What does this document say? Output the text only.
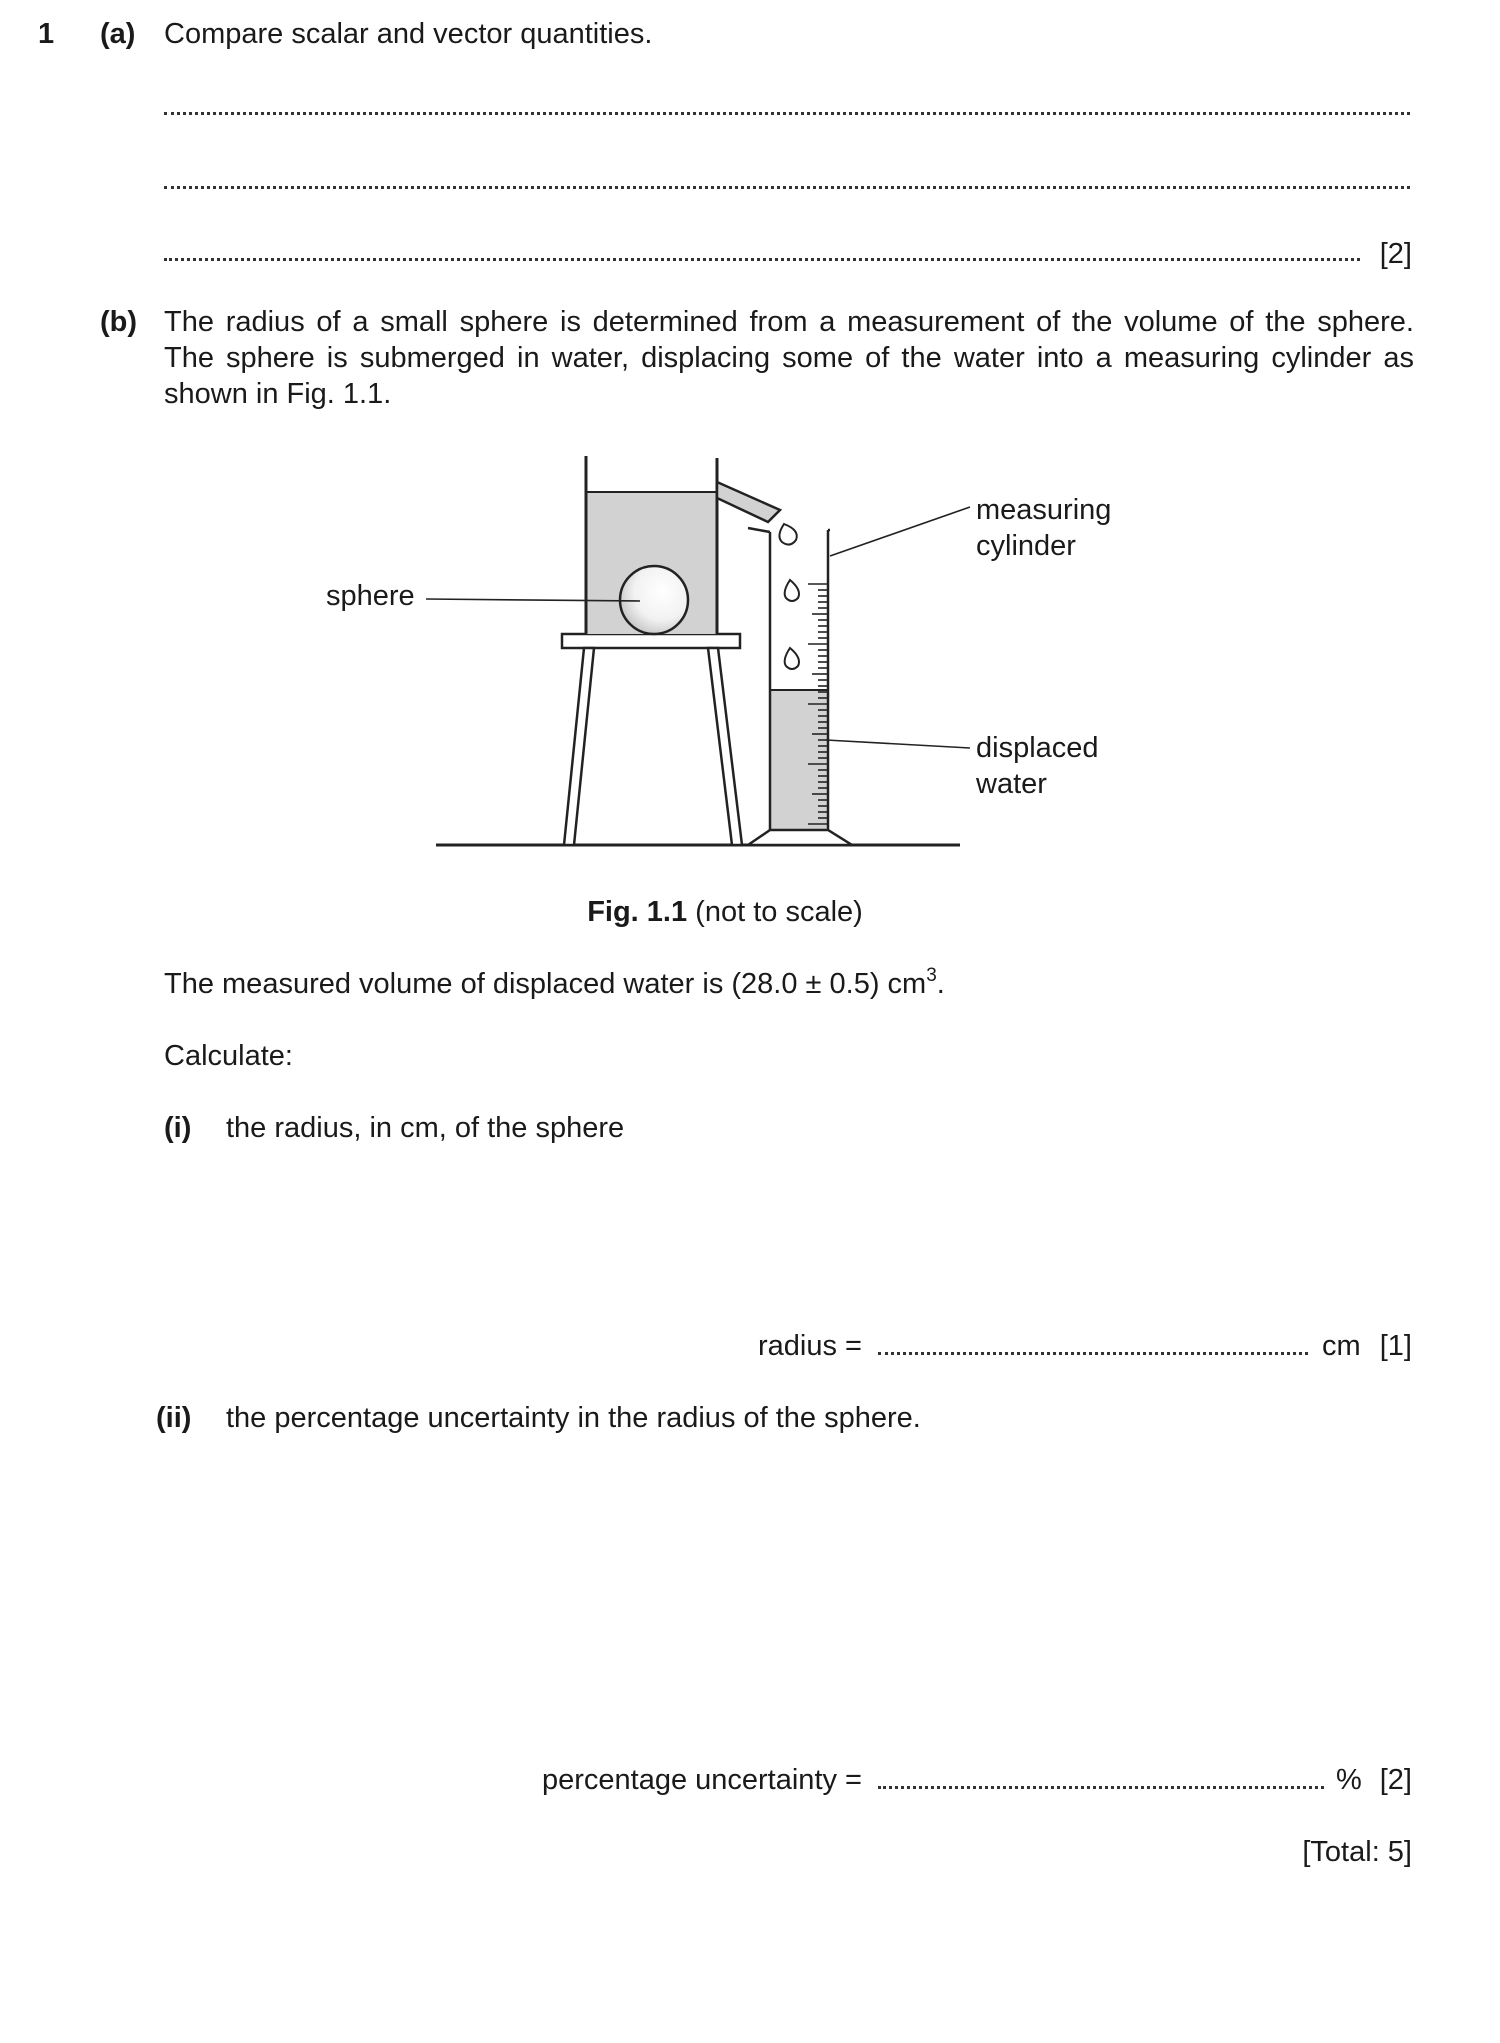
1 (a) Compare scalar and vector quantities.
[2]
(b) The radius of a small sphere is determined from a measurement of the volume of the sphere.
The sphere is submerged in water, displacing some of the water into a measuring cylinder as
shown in Fig. 1.1.
sphere
measuring
cylinder
displaced
water
Fig. 1.1 (not to scale)
The measured volume of displaced water is (28.0 ± 0.5) $cm^3$.
Calculate:
(i) the radius, in cm, of the sphere
radius =	cm [1]
(ii) the percentage uncertainty in the radius of the sphere.
percentage uncertainty =	% [2]
[Total: 5]
